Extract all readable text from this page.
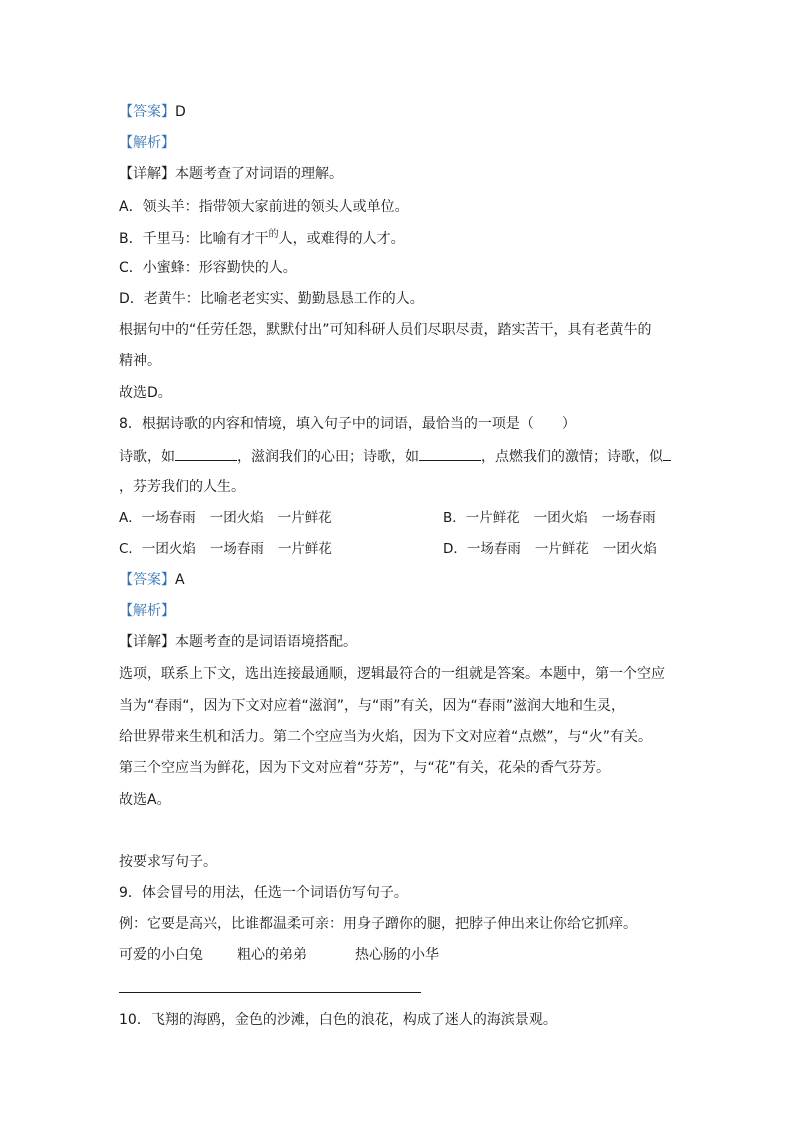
【答案】D
【解析】
【详解】本题考查了对词语的理解。
A．领头羊：指带领大家前进的领头人或单位。
B．千里马：比喻有才干$^的$人，或难得的人才。
C．小蜜蜂：形容勤快的人。
D．老黄牛：比喻老老实实、勤勤恳恳工作的人。
根据句中的“任劳任怨，默默付出”可知科研人员们尽职尽责，踏实苦干，具有老黄牛的
精神。
故选D。
8．根据诗歌的内容和情境，填入句子中的词语，最恰当的一项是（　　）
诗歌，如	，滋润我们的心田；诗歌，如	，点燃我们的激情；诗歌，似
，芬芳我们的人生。
A．一场春雨 一团火焰 一片鲜花	B．一片鲜花 一团火焰 一场春雨
C．一团火焰 一场春雨 一片鲜花	D．一场春雨 一片鲜花 一团火焰
【答案】A
【解析】
【详解】本题考查的是词语语境搭配。
选项，联系上下文，选出连接最通顺，逻辑最符合的一组就是答案。本题中，第一个空应
当为“春雨“，因为下文对应着“滋润”，与“雨”有关，因为“春雨”滋润大地和生灵，
给世界带来生机和活力。第二个空应当为火焰，因为下文对应着“点燃”，与“火”有关。
第三个空应当为鲜花，因为下文对应着“芬芳”，与“花”有关，花朵的香气芬芳。
故选A。
按要求写句子。
9．体会冒号的用法，任选一个词语仿写句子。
例：它要是高兴，比谁都温柔可亲：用身子蹭你的腿，把脖子伸出来让你给它抓痒。
可爱的小白兔 粗心的弟弟	热心肠的小华
10．飞翔的海鸥，金色的沙滩，白色的浪花，构成了迷人的海滨景观。
